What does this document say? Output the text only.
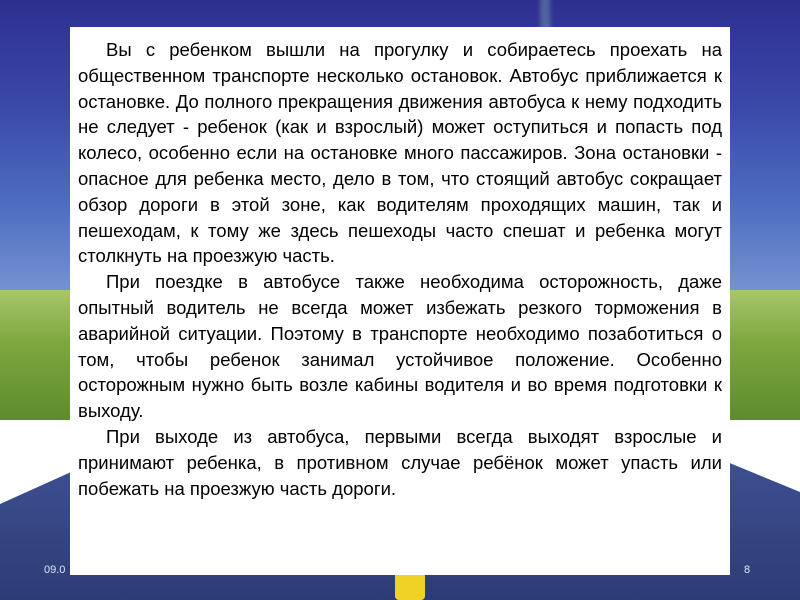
Вы с ребенком вышли на прогулку и собираетесь проехать на общественном транспорте несколько остановок. Автобус приближается к остановке. До полного прекращения движения автобуса к нему подходить не следует - ребенок (как и взрослый) может оступиться и попасть под колесо, особенно если на остановке много пассажиров. Зона остановки - опасное для ребенка место, дело в том, что стоящий автобус сокращает обзор дороги в этой зоне, как водителям проходящих машин, так и пешеходам, к тому же здесь пешеходы часто спешат и ребенка могут столкнуть на проезжую часть.

При поездке в автобусе также необходима осторожность, даже опытный водитель не всегда может избежать резкого торможения в аварийной ситуации. Поэтому в транспорте необходимо позаботиться о том, чтобы ребенок занимал устойчивое положение. Особенно осторожным нужно быть возле кабины водителя и во время подготовки к выходу.

При выходе из автобуса, первыми всегда выходят взрослые и принимают ребенка, в противном случае ребёнок может упасть или побежать на проезжую часть дороги.

09.0	8
